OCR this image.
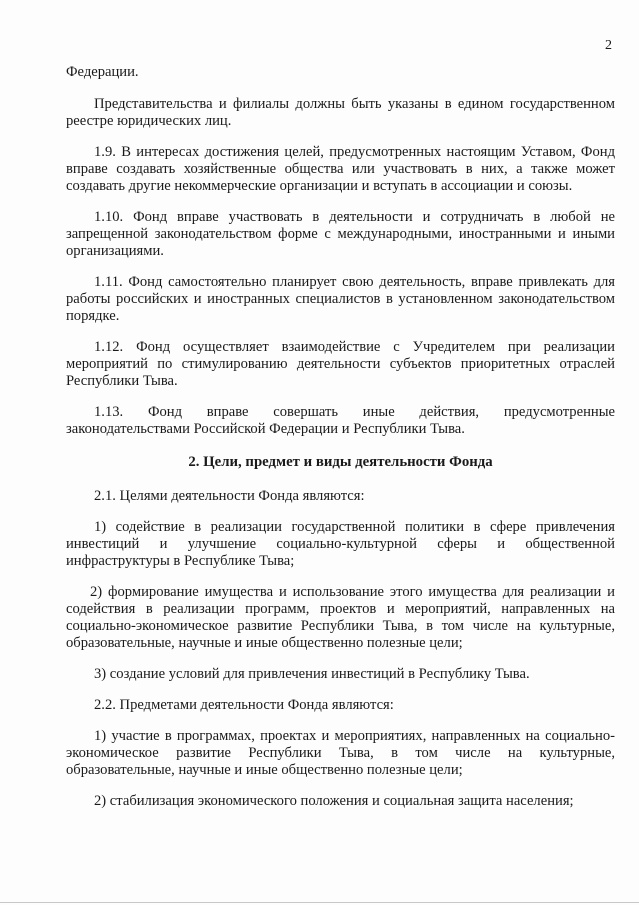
2

Федерации.

Представительства и филиалы должны быть указаны в едином государственном реестре юридических лиц.

1.9. В интересах достижения целей, предусмотренных настоящим Уставом, Фонд вправе создавать хозяйственные общества или участвовать в них, а также может создавать другие некоммерческие организации и вступать в ассоциации и союзы.

1.10. Фонд вправе участвовать в деятельности и сотрудничать в любой не запрещенной законодательством форме с международными, иностранными и иными организациями.

1.11. Фонд самостоятельно планирует свою деятельность, вправе привлекать для работы российских и иностранных специалистов в установленном законодательством порядке.

1.12. Фонд осуществляет взаимодействие с Учредителем при реализации мероприятий по стимулированию деятельности субъектов приоритетных отраслей Республики Тыва.

1.13. Фонд вправе совершать иные действия, предусмотренные законодательствами Российской Федерации и Республики Тыва.

2. Цели, предмет и виды деятельности Фонда

2.1. Целями деятельности Фонда являются:

1) содействие в реализации государственной политики в сфере привлечения инвестиций и улучшение социально-культурной сферы и общественной инфраструктуры в Республике Тыва;

2) формирование имущества и использование этого имущества для реализации и содействия в реализации программ, проектов и мероприятий, направленных на социально-экономическое развитие Республики Тыва, в том числе на культурные, образовательные, научные и иные общественно полезные цели;

3) создание условий для привлечения инвестиций в Республику Тыва.

2.2. Предметами деятельности Фонда являются:

1) участие в программах, проектах и мероприятиях, направленных на социально-экономическое развитие Республики Тыва, в том числе на культурные, образовательные, научные и иные общественно полезные цели;

2) стабилизация экономического положения и социальная защита населения;
